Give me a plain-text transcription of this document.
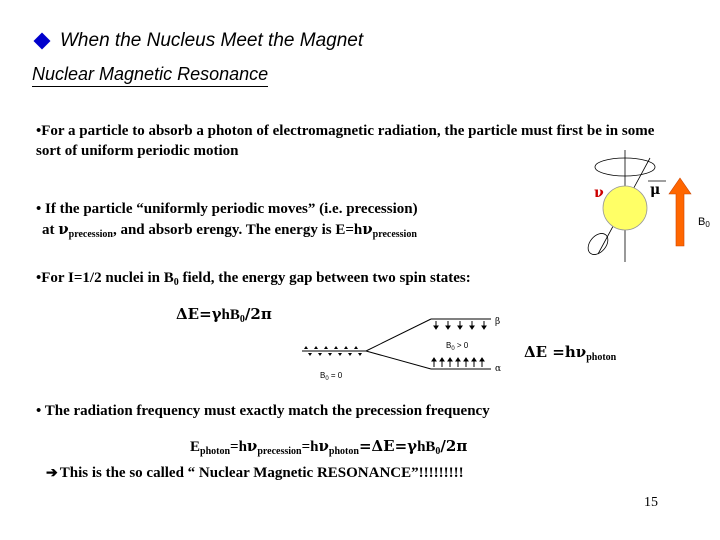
When the Nucleus Meet the Magnet
Nuclear Magnetic Resonance
•For a particle to absorb a photon of electromagnetic radiation, the particle must first be in some sort of uniform periodic motion
• If the particle “uniformly periodic moves” (i.e. precession)
at $\nu_{precession}$, and absorb erengy. The energy is $E=h\nu_{precession}$
•For I=1/2 nuclei in $B_0$ field, the energy gap between two spin states:
ΔE=γhB$_0$/2π
$\Delta E =h\nu_{photon}$
β
α
$B_0 > 0$
$B_0 = 0$
ν	μ
B0
• The radiation frequency must exactly match the precession frequency
$E_{photon}=h\nu_{precession}=h\nu_{photon}=\Delta E=\gamma hB_0/2\pi$
➔ This is the so called “ Nuclear Magnetic RESONANCE”!!!!!!!!!
15
